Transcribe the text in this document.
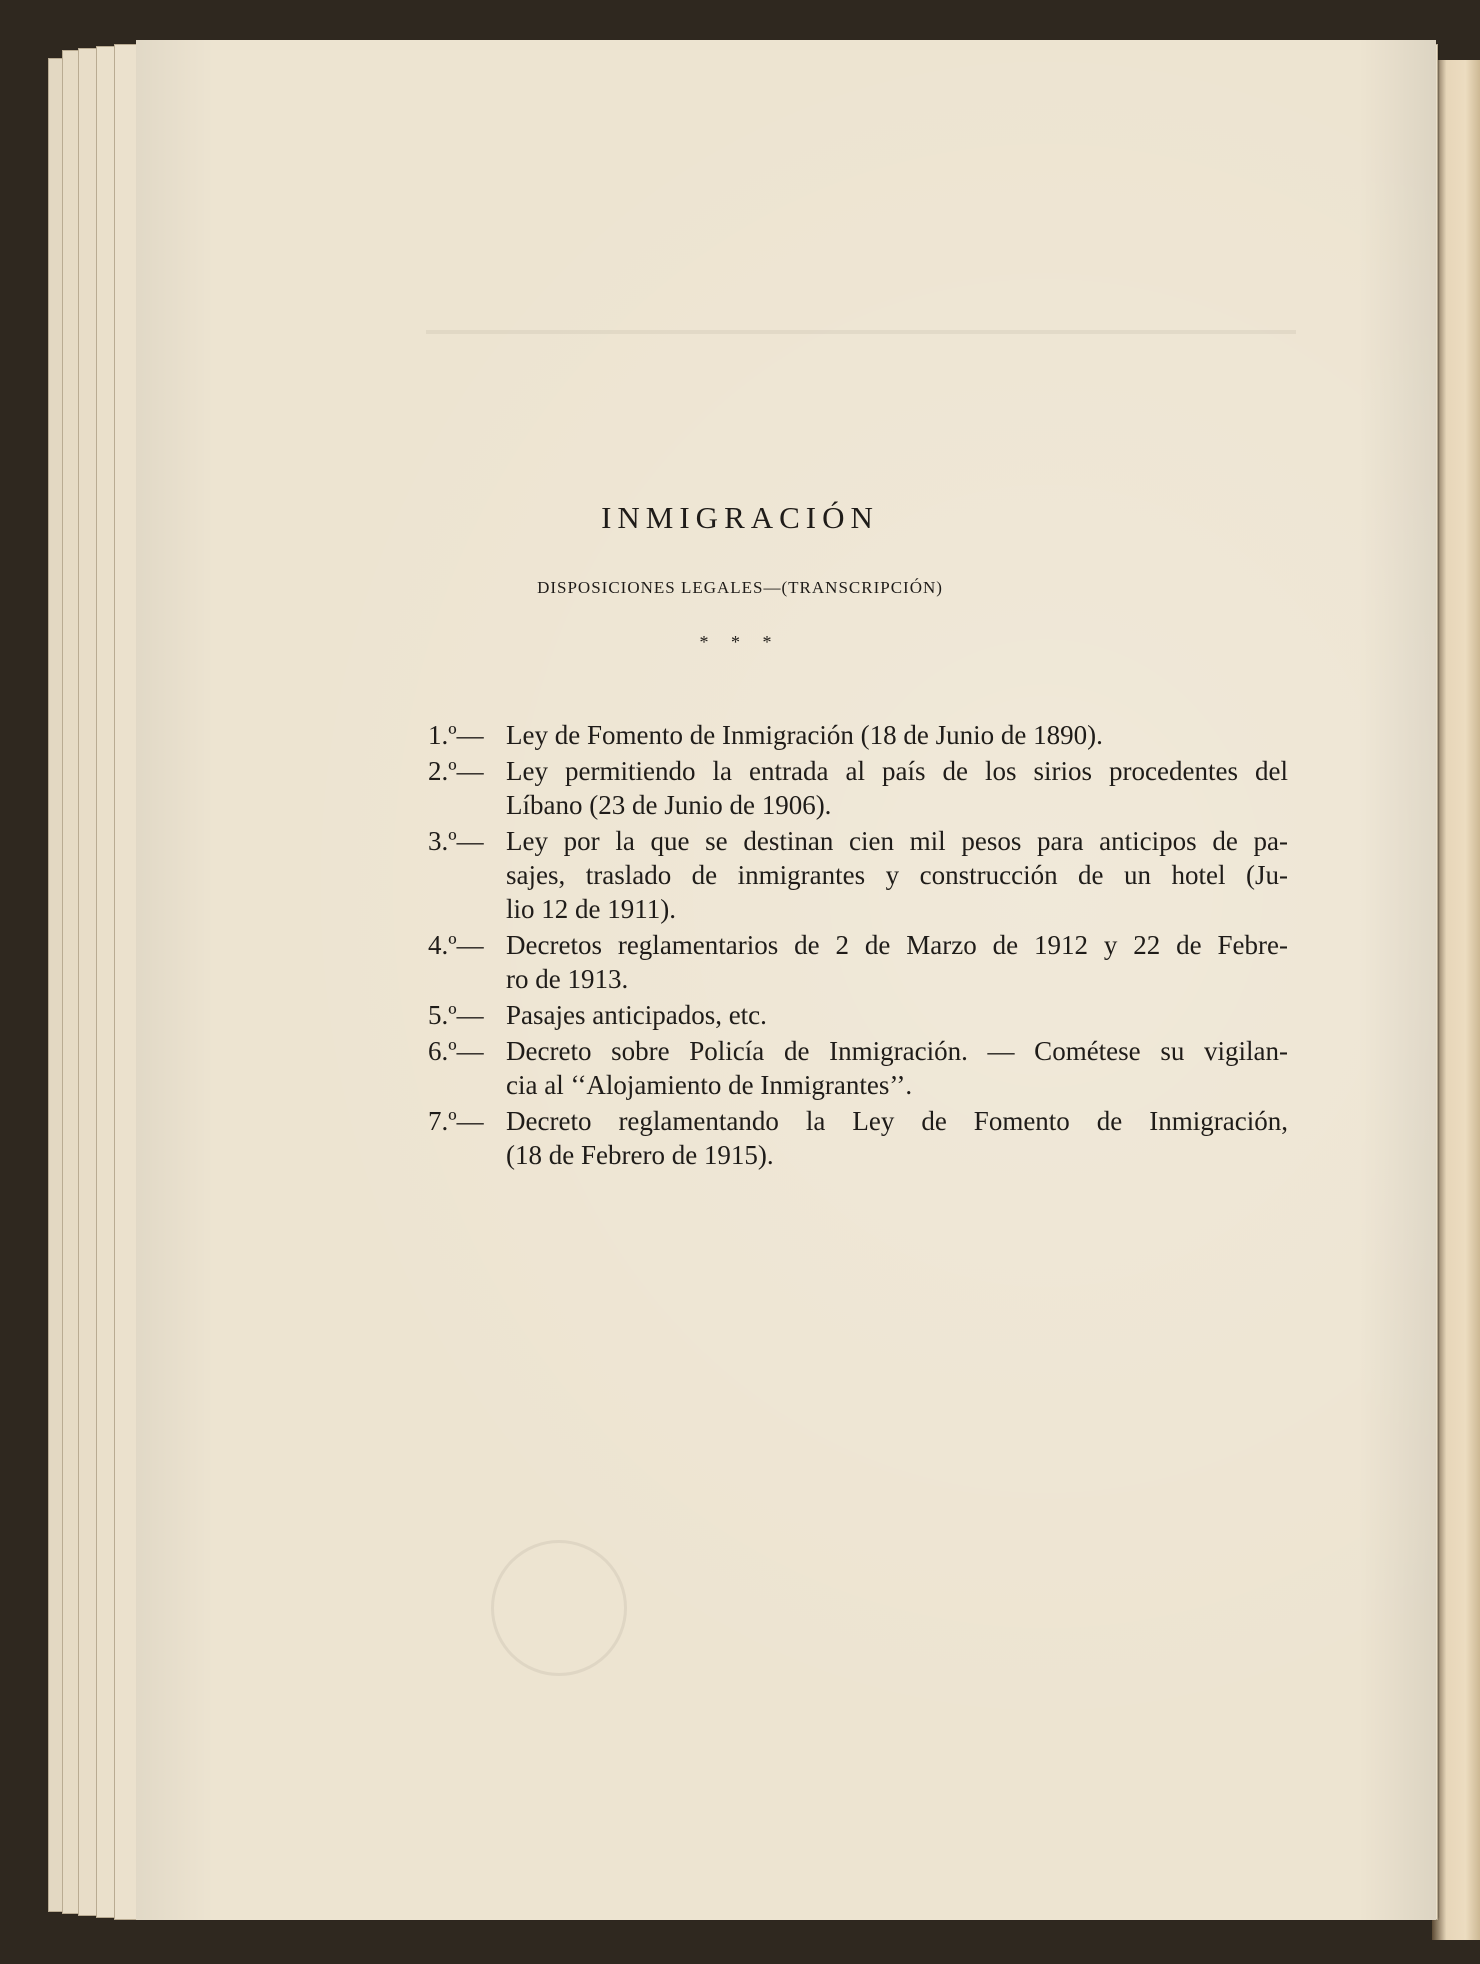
INMIGRACIÓN
DISPOSICIONES LEGALES—(TRANSCRIPCIÓN)
* * *
1.º— Ley de Fomento de Inmigración (18 de Junio de 1890).
2.º— Ley permitiendo la entrada al país de los sirios procedentes del
Líbano (23 de Junio de 1906).
3.º— Ley por la que se destinan cien mil pesos para anticipos de pa-
sajes, traslado de inmigrantes y construcción de un hotel (Ju-
lio 12 de 1911).
4.º— Decretos reglamentarios de 2 de Marzo de 1912 y 22 de Febre-
ro de 1913.
5.º— Pasajes anticipados, etc.
6.º— Decreto sobre Policía de Inmigración. — Cométese su vigilan-
cia al ‘‘Alojamiento de Inmigrantes’’.
7.º— Decreto reglamentando la Ley de Fomento de Inmigración,
(18 de Febrero de 1915).
